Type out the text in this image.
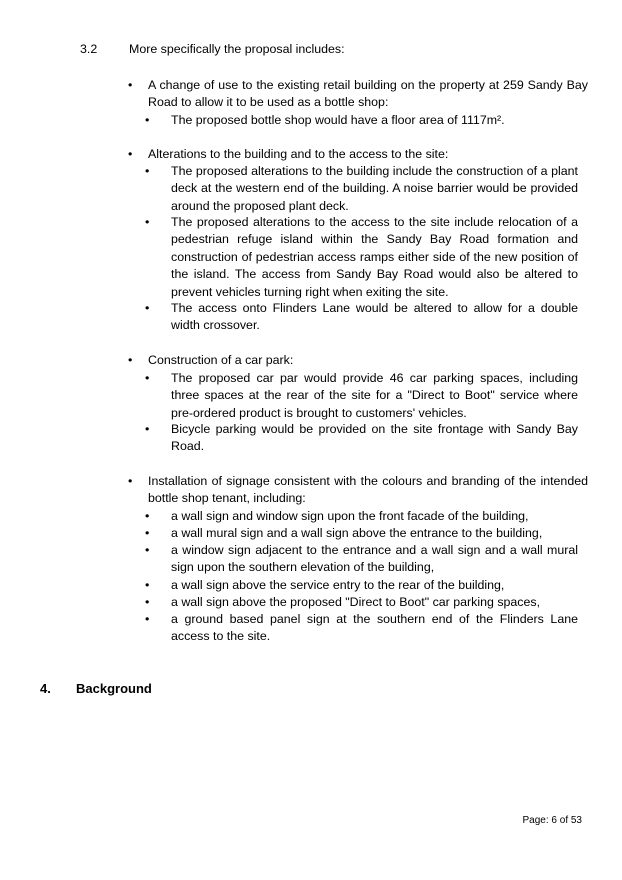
3.2	More specifically the proposal includes:
•	A change of use to the existing retail building on the property at 259 Sandy Bay Road to allow it to be used as a bottle shop:
•	The proposed bottle shop would have a floor area of 1117m².
•	Alterations to the building and to the access to the site:
•	The proposed alterations to the building include the construction of a plant deck at the western end of the building. A noise barrier would be provided around the proposed plant deck.
•	The proposed alterations to the access to the site include relocation of a pedestrian refuge island within the Sandy Bay Road formation and construction of pedestrian access ramps either side of the new position of the island. The access from Sandy Bay Road would also be altered to prevent vehicles turning right when exiting the site.
•	The access onto Flinders Lane would be altered to allow for a double width crossover.
•	Construction of a car park:
•	The proposed car par would provide 46 car parking spaces, including three spaces at the rear of the site for a "Direct to Boot" service where pre-ordered product is brought to customers' vehicles.
•	Bicycle parking would be provided on the site frontage with Sandy Bay Road.
•	Installation of signage consistent with the colours and branding of the intended bottle shop tenant, including:
•	a wall sign and window sign upon the front facade of the building,
•	a wall mural sign and a wall sign above the entrance to the building,
•	a window sign adjacent to the entrance and a wall sign and a wall mural sign upon the southern elevation of the building,
•	a wall sign above the service entry to the rear of the building,
•	a wall sign above the proposed "Direct to Boot" car parking spaces,
•	a ground based panel sign at the southern end of the Flinders Lane access to the site.
4. Background
Page: 6 of 53
